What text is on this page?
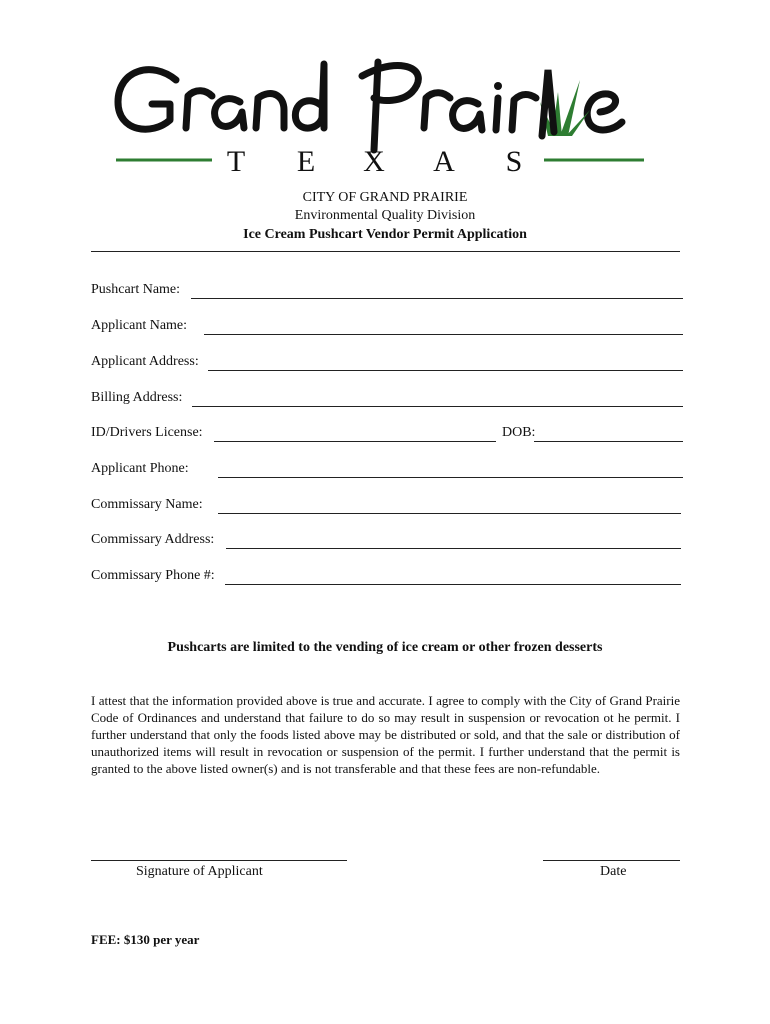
T E X A S
CITY OF GRAND PRAIRIE
Environmental Quality Division
Ice Cream Pushcart Vendor Permit Application
Pushcart Name:
Applicant Name:
Applicant Address:
Billing Address:
ID/Drivers License:	DOB:
Applicant Phone:
Commissary Name:
Commissary Address:
Commissary Phone #:
Pushcarts are limited to the vending of ice cream or other frozen desserts
I attest that the information provided above is true and accurate. I agree to comply with the City of Grand Prairie Code of Ordinances and understand that failure to do so may result in suspension or revocation ot he permit. I further understand that only the foods listed above may be distributed or sold, and that the sale or distribution of unauthorized items will result in revocation or suspension of the permit. I further understand that the permit is granted to the above listed owner(s) and is not transferable and that these fees are non-refundable.
Signature of Applicant	Date
FEE: $130 per year
